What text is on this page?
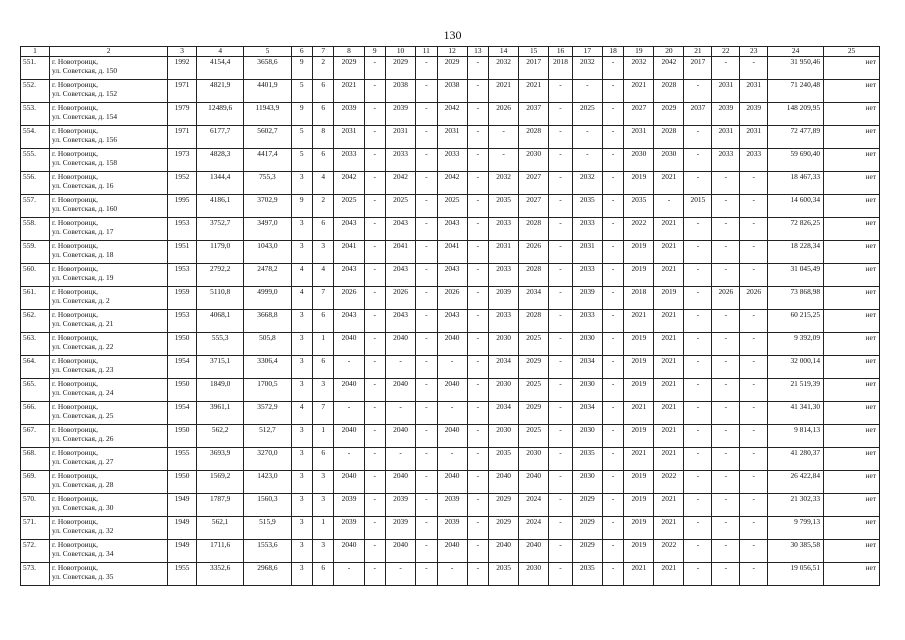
130
1	2	3	4	5	6	7	8	9	10	11	12	13	14	15	16	17	18	19	20	21	22	23	24	25
551.	г. Новотроицк,
ул. Советская, д. 150	1992	4154,4	3658,6	9	2	2029	-	2029	-	2029	-	2032	2017	2018	2032	-	2032	2042	2017	-	-	31 950,46	нет
552.	г. Новотроицк,
ул. Советская, д. 152	1971	4821,9	4401,9	5	6	2021	-	2038	-	2038	-	2021	2021	-	-	-	2021	2028	-	2031	2031	71 240,48	нет
553.	г. Новотроицк,
ул. Советская, д. 154	1979	12489,6	11943,9	9	6	2039	-	2039	-	2042	-	2026	2037	-	2025	-	2027	2029	2037	2039	2039	148 209,95	нет
554.	г. Новотроицк,
ул. Советская, д. 156	1971	6177,7	5602,7	5	8	2031	-	2031	-	2031	-	-	2028	-	-	-	2031	2028	-	2031	2031	72 477,89	нет
555.	г. Новотроицк,
ул. Советская, д. 158	1973	4828,3	4417,4	5	6	2033	-	2033	-	2033	-	-	2030	-	-	-	2030	2030	-	2033	2033	59 690,40	нет
556.	г. Новотроицк,
ул. Советская, д. 16	1952	1344,4	755,3	3	4	2042	-	2042	-	2042	-	2032	2027	-	2032	-	2019	2021	-	-	-	18 467,33	нет
557.	г. Новотроицк,
ул. Советская, д. 160	1995	4186,1	3702,9	9	2	2025	-	2025	-	2025	-	2035	2027	-	2035	-	2035	-	2015	-	-	14 600,34	нет
558.	г. Новотроицк,
ул. Советская, д. 17	1953	3752,7	3497,0	3	6	2043	-	2043	-	2043	-	2033	2028	-	2033	-	2022	2021	-	-	-	72 826,25	нет
559.	г. Новотроицк,
ул. Советская, д. 18	1951	1179,0	1043,0	3	3	2041	-	2041	-	2041	-	2031	2026	-	2031	-	2019	2021	-	-	-	18 228,34	нет
560.	г. Новотроицк,
ул. Советская, д. 19	1953	2792,2	2478,2	4	4	2043	-	2043	-	2043	-	2033	2028	-	2033	-	2019	2021	-	-	-	31 045,49	нет
561.	г. Новотроицк,
ул. Советская, д. 2	1959	5110,8	4999,0	4	7	2026	-	2026	-	2026	-	2039	2034	-	2039	-	2018	2019	-	2026	2026	73 868,98	нет
562.	г. Новотроицк,
ул. Советская, д. 21	1953	4068,1	3668,8	3	6	2043	-	2043	-	2043	-	2033	2028	-	2033	-	2021	2021	-	-	-	60 215,25	нет
563.	г. Новотроицк,
ул. Советская, д. 22	1950	555,3	505,8	3	1	2040	-	2040	-	2040	-	2030	2025	-	2030	-	2019	2021	-	-	-	9 392,09	нет
564.	г. Новотроицк,
ул. Советская, д. 23	1954	3715,1	3306,4	3	6	-	-	-	-	-	-	2034	2029	-	2034	-	2019	2021	-	-	-	32 000,14	нет
565.	г. Новотроицк,
ул. Советская, д. 24	1950	1849,0	1700,5	3	3	2040	-	2040	-	2040	-	2030	2025	-	2030	-	2019	2021	-	-	-	21 519,39	нет
566.	г. Новотроицк,
ул. Советская, д. 25	1954	3961,1	3572,9	4	7	-	-	-	-	-	-	2034	2029	-	2034	-	2021	2021	-	-	-	41 341,30	нет
567.	г. Новотроицк,
ул. Советская, д. 26	1950	562,2	512,7	3	1	2040	-	2040	-	2040	-	2030	2025	-	2030	-	2019	2021	-	-	-	9 814,13	нет
568.	г. Новотроицк,
ул. Советская, д. 27	1955	3693,9	3270,0	3	6	-	-	-	-	-	-	2035	2030	-	2035	-	2021	2021	-	-	-	41 280,37	нет
569.	г. Новотроицк,
ул. Советская, д. 28	1950	1569,2	1423,0	3	3	2040	-	2040	-	2040	-	2040	2040	-	2030	-	2019	2022	-	-	-	26 422,84	нет
570.	г. Новотроицк,
ул. Советская, д. 30	1949	1787,9	1560,3	3	3	2039	-	2039	-	2039	-	2029	2024	-	2029	-	2019	2021	-	-	-	21 302,33	нет
571.	г. Новотроицк,
ул. Советская, д. 32	1949	562,1	515,9	3	1	2039	-	2039	-	2039	-	2029	2024	-	2029	-	2019	2021	-	-	-	9 799,13	нет
572.	г. Новотроицк,
ул. Советская, д. 34	1949	1711,6	1553,6	3	3	2040	-	2040	-	2040	-	2040	2040	-	2029	-	2019	2022	-	-	-	30 385,58	нет
573.	г. Новотроицк,
ул. Советская, д. 35	1955	3352,6	2968,6	3	6	-	-	-	-	-	-	2035	2030	-	2035	-	2021	2021	-	-	-	19 056,51	нет
